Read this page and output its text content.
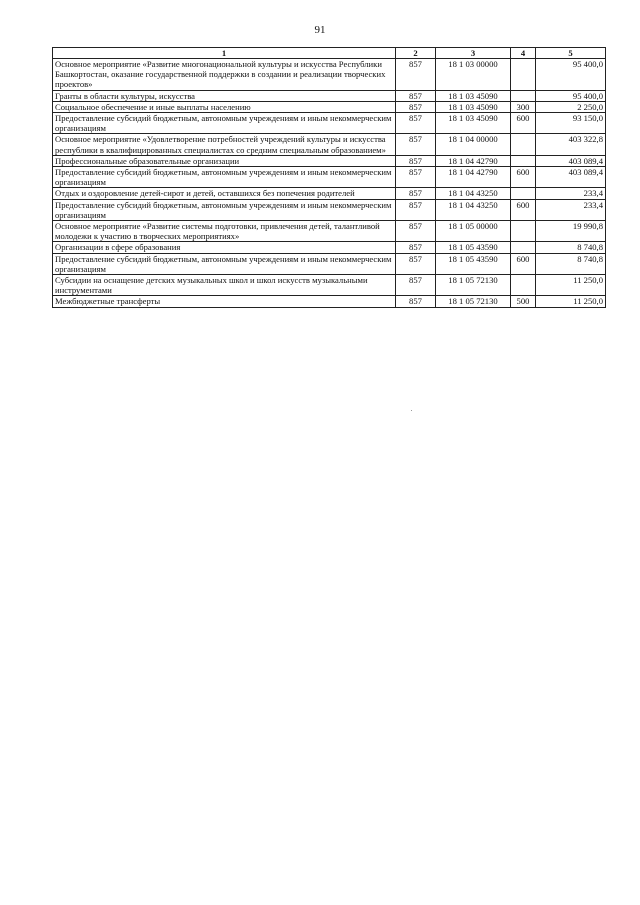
91
1	2	3	4	5
Основное мероприятие «Развитие многонациональной культуры и искусства Республики Башкортостан, оказание государственной поддержки в создании и реализации творческих проектов»	857	18 1 03 00000		95 400,0
Гранты в области культуры, искусства	857	18 1 03 45090		95 400,0
Социальное обеспечение и иные выплаты населению	857	18 1 03 45090	300	2 250,0
Предоставление субсидий бюджетным, автономным учреждениям и иным некоммерческим организациям	857	18 1 03 45090	600	93 150,0
Основное мероприятие «Удовлетворение потребностей учреждений культуры и искусства республики в квалифицированных специалистах со средним специальным образованием»	857	18 1 04 00000		403 322,8
Профессиональные образовательные организации	857	18 1 04 42790		403 089,4
Предоставление субсидий бюджетным, автономным учреждениям и иным некоммерческим организациям	857	18 1 04 42790	600	403 089,4
Отдых и оздоровление детей-сирот и детей, оставшихся без попечения родителей	857	18 1 04 43250		233,4
Предоставление субсидий бюджетным, автономным учреждениям и иным некоммерческим организациям	857	18 1 04 43250	600	233,4
Основное мероприятие «Развитие системы подготовки, привлечения детей, талантливой молодежи к участию в творческих мероприятиях»	857	18 1 05 00000		19 990,8
Организации в сфере образования	857	18 1 05 43590		8 740,8
Предоставление субсидий бюджетным, автономным учреждениям и иным некоммерческим организациям	857	18 1 05 43590	600	8 740,8
Субсидии на оснащение детских музыкальных школ и школ искусств музыкальными инструментами	857	18 1 05 72130		11 250,0
Межбюджетные трансферты	857	18 1 05 72130	500	11 250,0
